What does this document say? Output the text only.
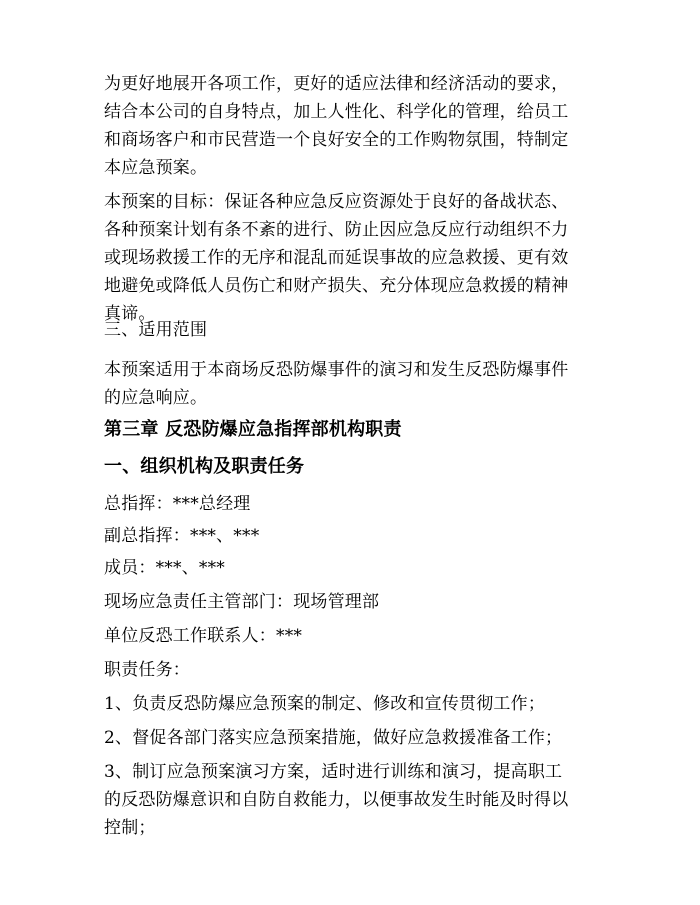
为更好地展开各项工作，更好的适应法律和经济活动的要求，
结合本公司的自身特点，加上人性化、科学化的管理，给员工
和商场客户和市民营造一个良好安全的工作购物氛围，特制定
本应急预案。

本预案的目标：保证各种应急反应资源处于良好的备战状态、
各种预案计划有条不紊的进行、防止因应急反应行动组织不力
或现场救援工作的无序和混乱而延误事故的应急救援、更有效
地避免或降低人员伤亡和财产损失、充分体现应急救援的精神
真谛。

三、适用范围

本预案适用于本商场反恐防爆事件的演习和发生反恐防爆事件
的应急响应。

第三章 反恐防爆应急指挥部机构职责

一、组织机构及职责任务

总指挥：***总经理

副总指挥：***、***

成员：***、***

现场应急责任主管部门：现场管理部

单位反恐工作联系人：***

职责任务：

1、负责反恐防爆应急预案的制定、修改和宣传贯彻工作；

2、督促各部门落实应急预案措施，做好应急救援准备工作；

3、制订应急预案演习方案，适时进行训练和演习，提高职工
的反恐防爆意识和自防自救能力，以便事故发生时能及时得以
控制；
